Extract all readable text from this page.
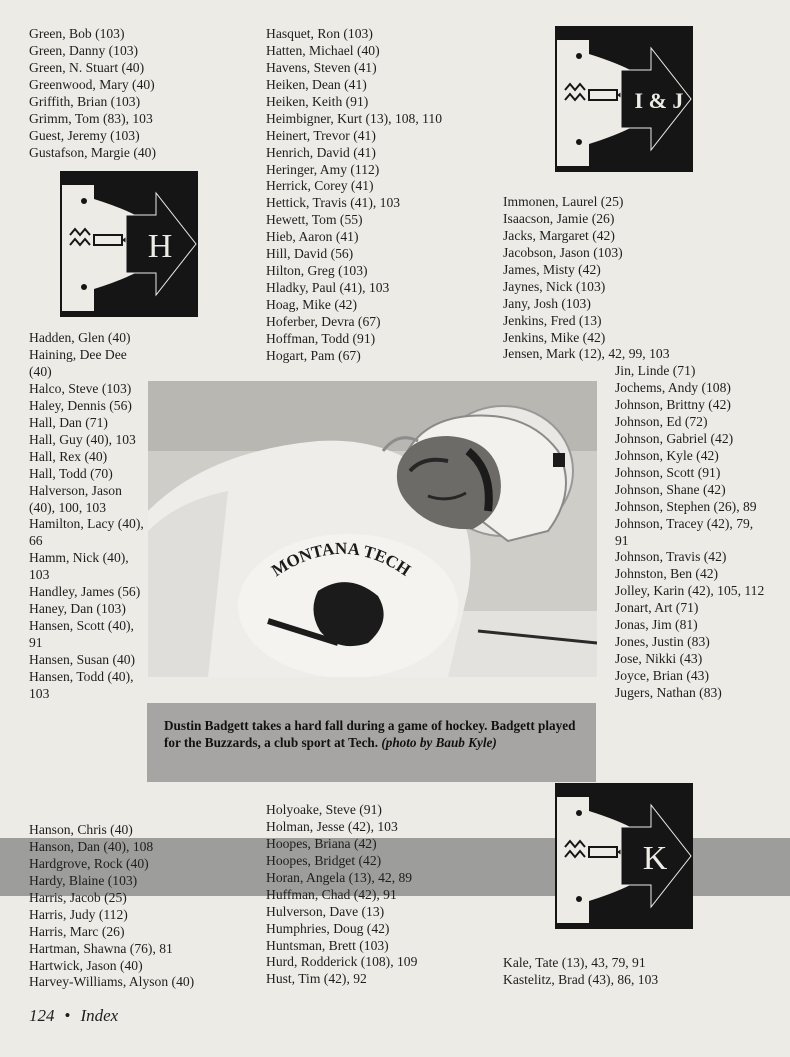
Green, Bob (103)
Green, Danny (103)
Green, N. Stuart (40)
Greenwood, Mary (40)
Griffith, Brian (103)
Grimm, Tom (83), 103
Guest, Jeremy (103)
Gustafson, Margie (40)
Hadden, Glen (40)
Haining, Dee Dee (40)
Halco, Steve (103)
Haley, Dennis (56)
Hall, Dan (71)
Hall, Guy (40), 103
Hall, Rex (40)
Hall, Todd (70)
Halverson, Jason (40), 100, 103
Hamilton, Lacy (40), 66
Hamm, Nick (40), 103
Handley, James (56)
Haney, Dan (103)
Hansen, Scott (40), 91
Hansen, Susan (40)
Hansen, Todd (40), 103
Hanson, Chris (40)
Hanson, Dan (40), 108
Hardgrove, Rock (40)
Hardy, Blaine (103)
Harris, Jacob (25)
Harris, Judy (112)
Harris, Marc (26)
Hartman, Shawna (76), 81
Hartwick, Jason (40)
Harvey-Williams, Alyson (40)
Hasquet, Ron (103)
Hatten, Michael (40)
Havens, Steven (41)
Heiken, Dean (41)
Heiken, Keith (91)
Heimbigner, Kurt (13), 108, 110
Heinert, Trevor (41)
Henrich, David (41)
Heringer, Amy (112)
Herrick, Corey (41)
Hettick, Travis (41), 103
Hewett, Tom (55)
Hieb, Aaron (41)
Hill, David (56)
Hilton, Greg (103)
Hladky, Paul (41), 103
Hoag, Mike (42)
Hoferber, Devra (67)
Hoffman, Todd (91)
Hogart, Pam (67)
Holyoake, Steve (91)
Holman, Jesse (42), 103
Hoopes, Briana (42)
Hoopes, Bridget (42)
Horan, Angela (13), 42, 89
Huffman, Chad (42), 91
Hulverson, Dave (13)
Humphries, Doug (42)
Huntsman, Brett (103)
Hurd, Rodderick (108), 109
Hust, Tim (42), 92
Immonen, Laurel (25)
Isaacson, Jamie (26)
Jacks, Margaret (42)
Jacobson, Jason (103)
James, Misty (42)
Jaynes, Nick (103)
Jany, Josh (103)
Jenkins, Fred (13)
Jenkins, Mike (42)
Jensen, Mark (12), 42, 99, 103
Jin, Linde (71)
Jochems, Andy (108)
Johnson, Brittny (42)
Johnson, Ed (72)
Johnson, Gabriel (42)
Johnson, Kyle (42)
Johnson, Scott (91)
Johnson, Shane (42)
Johnson, Stephen (26), 89
Johnson, Tracey (42), 79, 91
Johnson, Travis (42)
Johnston, Ben (42)
Jolley, Karin (42), 105, 112
Jonart, Art (71)
Jonas, Jim (81)
Jones, Justin (83)
Jose, Nikki (43)
Joyce, Brian (43)
Jugers, Nathan (83)
Kale, Tate (13), 43, 79, 91
Kastelitz, Brad (43), 86, 103
H
I & J
K
MONTANA TECH
Dustin Badgett takes a hard fall during a game of hockey. Badgett played for the Buzzards, a club sport at Tech. (photo by Baub Kyle)
124 • Index
